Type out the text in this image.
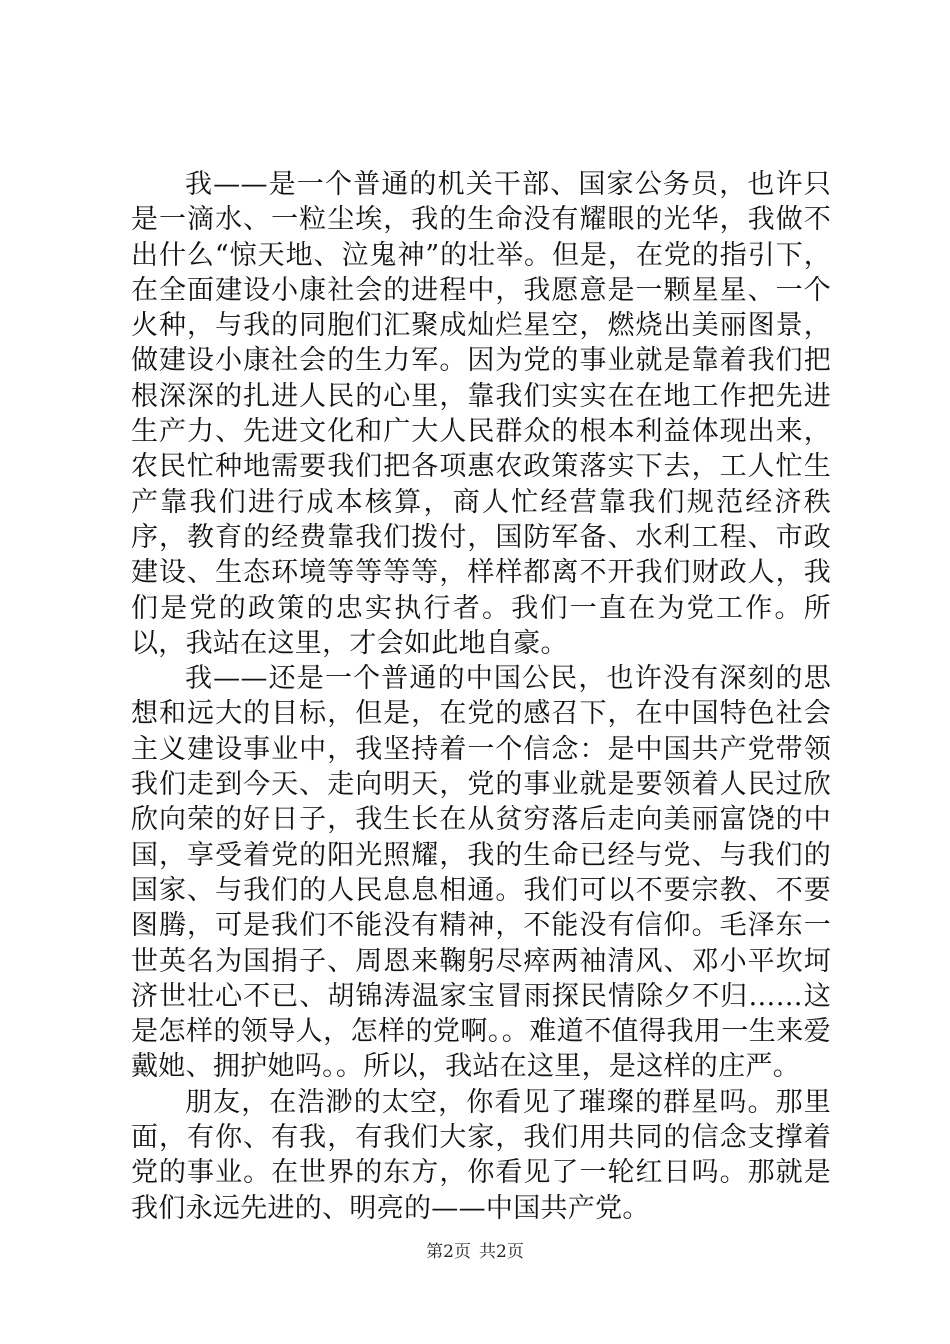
我——是一个普通的机关干部、国家公务员，也许只是一滴水、一粒尘埃，我的生命没有耀眼的光华，我做不出什么“惊天地、泣鬼神”的壮举。但是，在党的指引下，在全面建设小康社会的进程中，我愿意是一颗星星、一个火种，与我的同胞们汇聚成灿烂星空，燃烧出美丽图景，做建设小康社会的生力军。因为党的事业就是靠着我们把根深深的扎进人民的心里，靠我们实实在在地工作把先进生产力、先进文化和广大人民群众的根本利益体现出来，农民忙种地需要我们把各项惠农政策落实下去，工人忙生产靠我们进行成本核算，商人忙经营靠我们规范经济秩序，教育的经费靠我们拨付，国防军备、水利工程、市政建设、生态环境等等等等，样样都离不开我们财政人，我们是党的政策的忠实执行者。我们一直在为党工作。所以，我站在这里，才会如此地自豪。

我——还是一个普通的中国公民，也许没有深刻的思想和远大的目标，但是，在党的感召下，在中国特色社会主义建设事业中，我坚持着一个信念：是中国共产党带领我们走到今天、走向明天，党的事业就是要领着人民过欣欣向荣的好日子，我生长在从贫穷落后走向美丽富饶的中国，享受着党的阳光照耀，我的生命已经与党、与我们的国家、与我们的人民息息相通。我们可以不要宗教、不要图腾，可是我们不能没有精神，不能没有信仰。毛泽东一世英名为国捐子、周恩来鞠躬尽瘁两袖清风、邓小平坎坷济世壮心不已、胡锦涛温家宝冒雨探民情除夕不归……这是怎样的领导人，怎样的党啊。。难道不值得我用一生来爱戴她、拥护她吗。。所以，我站在这里，是这样的庄严。

朋友，在浩渺的太空，你看见了璀璨的群星吗。那里面，有你、有我，有我们大家，我们用共同的信念支撑着党的事业。在世界的东方，你看见了一轮红日吗。那就是我们永远先进的、明亮的——中国共产党。

第2页 共2页
